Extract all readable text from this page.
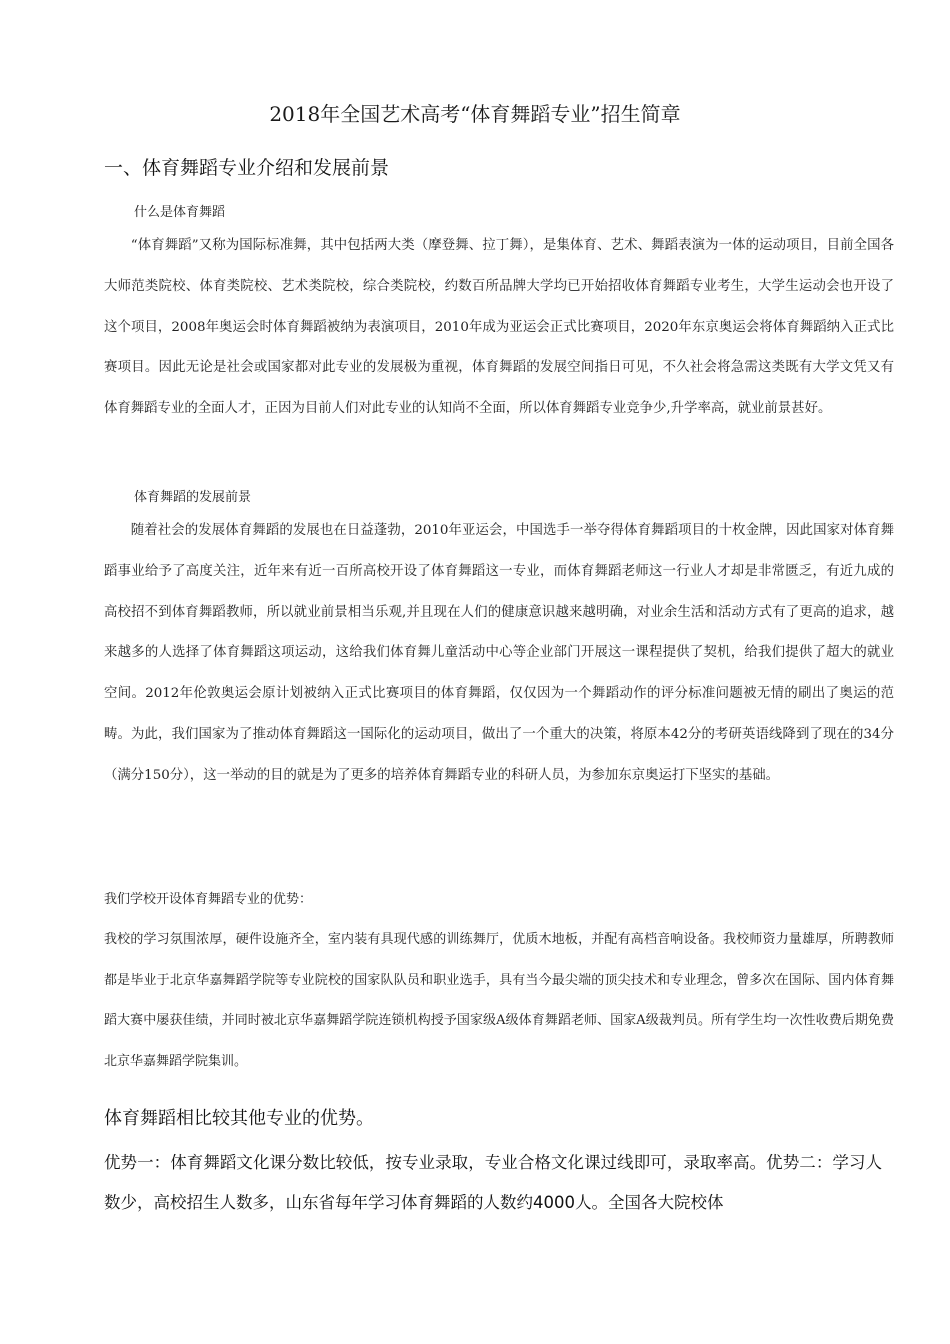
2018年全国艺术高考“体育舞蹈专业”招生简章
一、体育舞蹈专业介绍和发展前景
什么是体育舞蹈
“体育舞蹈”又称为国际标准舞，其中包括两大类（摩登舞、拉丁舞），是集体育、艺术、舞蹈表演为一体的运动项目，目前全国各大师范类院校、体育类院校、艺术类院校，综合类院校，约数百所品牌大学均已开始招收体育舞蹈专业考生，大学生运动会也开设了这个项目，2008年奥运会时体育舞蹈被纳为表演项目，2010年成为亚运会正式比赛项目，2020年东京奥运会将体育舞蹈纳入正式比赛项目。因此无论是社会或国家都对此专业的发展极为重视，体育舞蹈的发展空间指日可见，不久社会将急需这类既有大学文凭又有体育舞蹈专业的全面人才，正因为目前人们对此专业的认知尚不全面，所以体育舞蹈专业竞争少,升学率高，就业前景甚好。
体育舞蹈的发展前景
随着社会的发展体育舞蹈的发展也在日益蓬勃，2010年亚运会，中国选手一举夺得体育舞蹈项目的十枚金牌，因此国家对体育舞蹈事业给予了高度关注，近年来有近一百所高校开设了体育舞蹈这一专业，而体育舞蹈老师这一行业人才却是非常匮乏，有近九成的高校招不到体育舞蹈教师，所以就业前景相当乐观,并且现在人们的健康意识越来越明确，对业余生活和活动方式有了更高的追求，越来越多的人选择了体育舞蹈这项运动，这给我们体育舞儿童活动中心等企业部门开展这一课程提供了契机，给我们提供了超大的就业空间。2012年伦敦奥运会原计划被纳入正式比赛项目的体育舞蹈，仅仅因为一个舞蹈动作的评分标准问题被无情的刷出了奥运的范畴。为此，我们国家为了推动体育舞蹈这一国际化的运动项目，做出了一个重大的决策，将原本42分的考研英语线降到了现在的34分（满分150分），这一举动的目的就是为了更多的培养体育舞蹈专业的科研人员，为参加东京奥运打下坚实的基础。
我们学校开设体育舞蹈专业的优势：
我校的学习氛围浓厚，硬件设施齐全，室内装有具现代感的训练舞厅，优质木地板，并配有高档音响设备。我校师资力量雄厚，所聘教师都是毕业于北京华嘉舞蹈学院等专业院校的国家队队员和职业选手，具有当今最尖端的顶尖技术和专业理念，曾多次在国际、国内体育舞蹈大赛中屡获佳绩，并同时被北京华嘉舞蹈学院连锁机构授予国家级A级体育舞蹈老师、国家A级裁判员。所有学生均一次性收费后期免费北京华嘉舞蹈学院集训。
体育舞蹈相比较其他专业的优势。
优势一：体育舞蹈文化课分数比较低，按专业录取，专业合格文化课过线即可，录取率高。优势二：学习人数少，高校招生人数多，山东省每年学习体育舞蹈的人数约4000人。全国各大院校体
